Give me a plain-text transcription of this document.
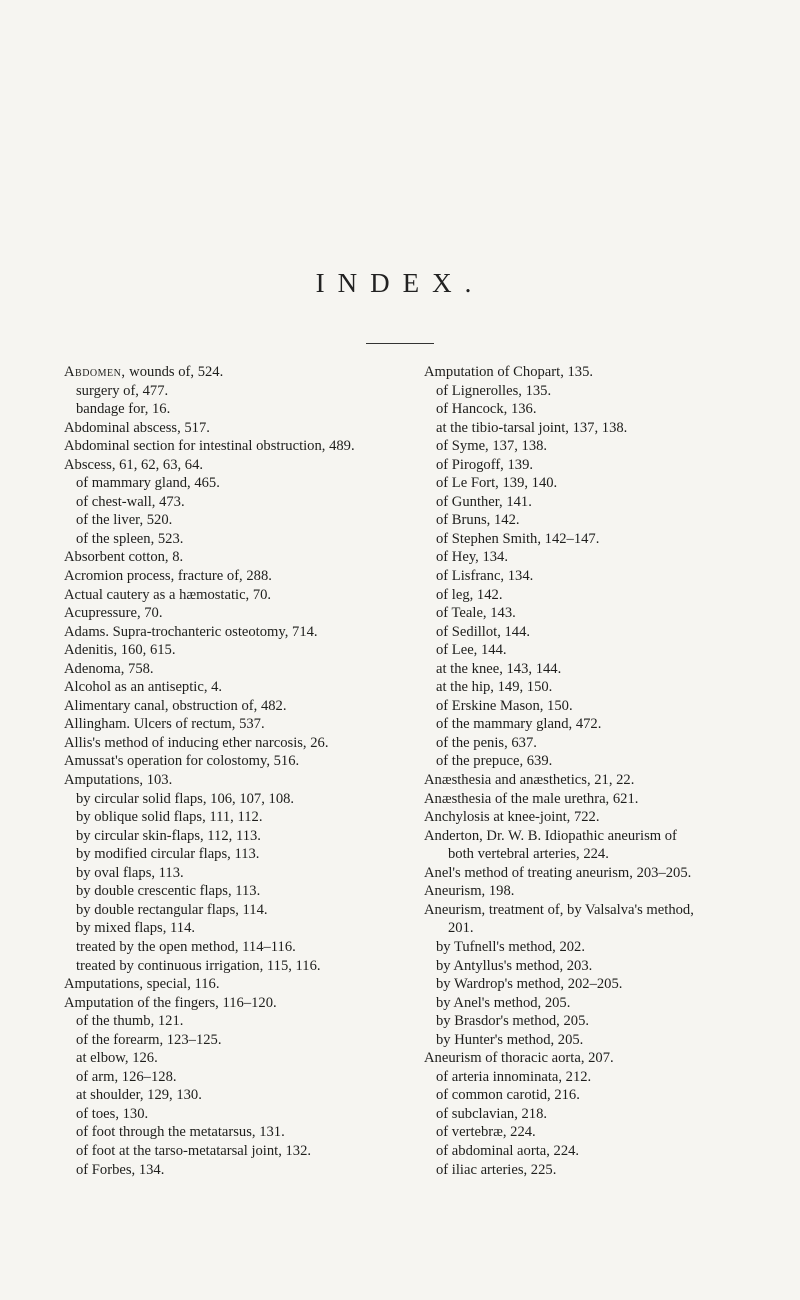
INDEX.
Abdomen, wounds of, 524.
surgery of, 477.
bandage for, 16.
Abdominal abscess, 517.
Abdominal section for intestinal obstruction, 489.
Abscess, 61, 62, 63, 64.
of mammary gland, 465.
of chest-wall, 473.
of the liver, 520.
of the spleen, 523.
Absorbent cotton, 8.
Acromion process, fracture of, 288.
Actual cautery as a hæmostatic, 70.
Acupressure, 70.
Adams. Supra-trochanteric osteotomy, 714.
Adenitis, 160, 615.
Adenoma, 758.
Alcohol as an antiseptic, 4.
Alimentary canal, obstruction of, 482.
Allingham. Ulcers of rectum, 537.
Allis's method of inducing ether narcosis, 26.
Amussat's operation for colostomy, 516.
Amputations, 103.
by circular solid flaps, 106, 107, 108.
by oblique solid flaps, 111, 112.
by circular skin-flaps, 112, 113.
by modified circular flaps, 113.
by oval flaps, 113.
by double crescentic flaps, 113.
by double rectangular flaps, 114.
by mixed flaps, 114.
treated by the open method, 114–116.
treated by continuous irrigation, 115, 116.
Amputations, special, 116.
Amputation of the fingers, 116–120.
of the thumb, 121.
of the forearm, 123–125.
at elbow, 126.
of arm, 126–128.
at shoulder, 129, 130.
of toes, 130.
of foot through the metatarsus, 131.
of foot at the tarso-metatarsal joint, 132.
of Forbes, 134.
Amputation of Chopart, 135.
of Lignerolles, 135.
of Hancock, 136.
at the tibio-tarsal joint, 137, 138.
of Syme, 137, 138.
of Pirogoff, 139.
of Le Fort, 139, 140.
of Gunther, 141.
of Bruns, 142.
of Stephen Smith, 142–147.
of Hey, 134.
of Lisfranc, 134.
of leg, 142.
of Teale, 143.
of Sedillot, 144.
of Lee, 144.
at the knee, 143, 144.
at the hip, 149, 150.
of Erskine Mason, 150.
of the mammary gland, 472.
of the penis, 637.
of the prepuce, 639.
Anæsthesia and anæsthetics, 21, 22.
Anæsthesia of the male urethra, 621.
Anchylosis at knee-joint, 722.
Anderton, Dr. W. B. Idiopathic aneurism of
both vertebral arteries, 224.
Anel's method of treating aneurism, 203–205.
Aneurism, 198.
Aneurism, treatment of, by Valsalva's method,
201.
by Tufnell's method, 202.
by Antyllus's method, 203.
by Wardrop's method, 202–205.
by Anel's method, 205.
by Brasdor's method, 205.
by Hunter's method, 205.
Aneurism of thoracic aorta, 207.
of arteria innominata, 212.
of common carotid, 216.
of subclavian, 218.
of vertebræ, 224.
of abdominal aorta, 224.
of iliac arteries, 225.
